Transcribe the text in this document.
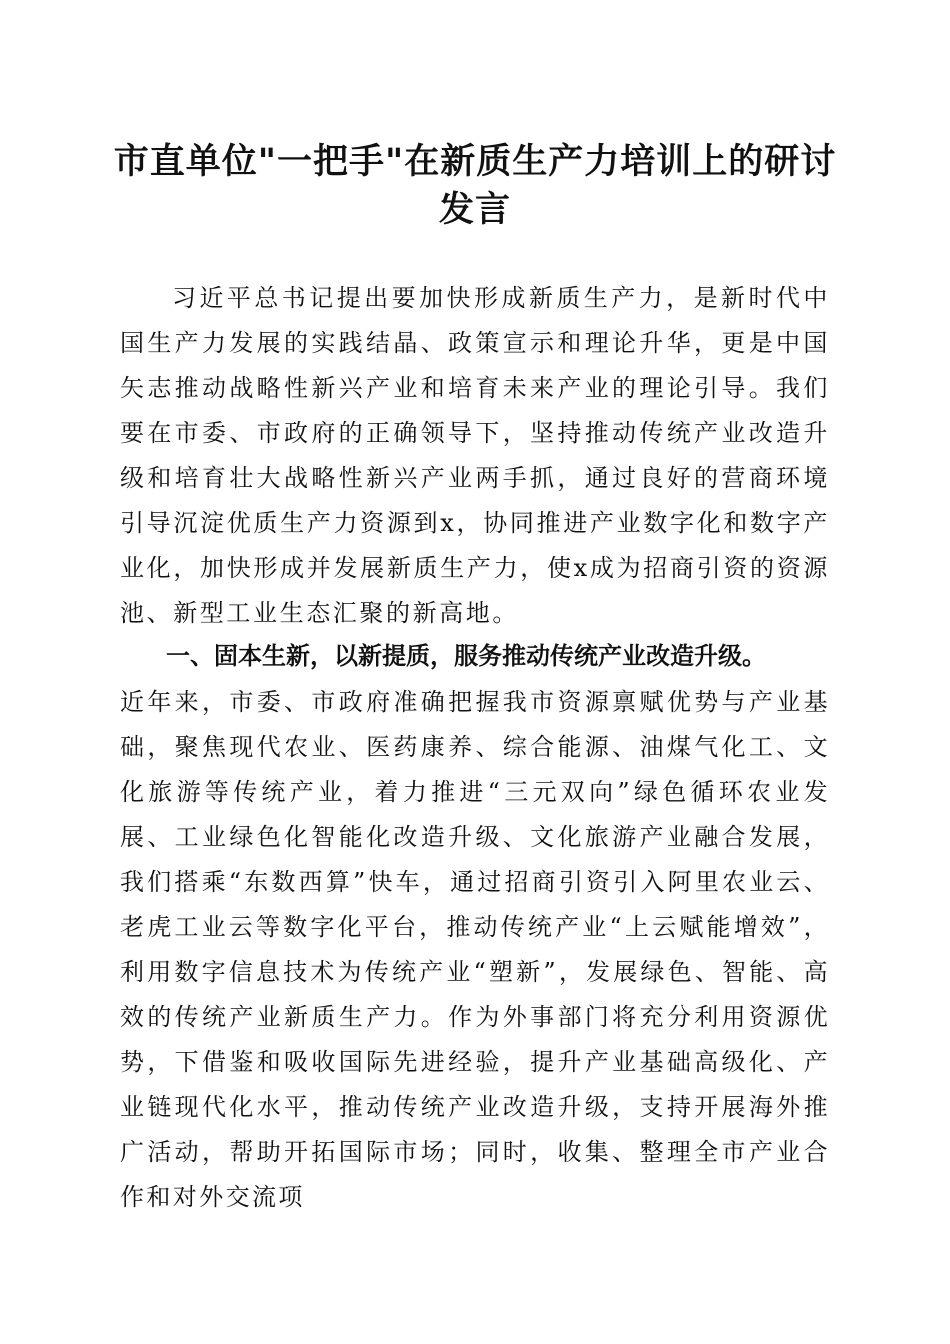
市直单位"一把手"在新质生产力培训上的研讨发言

习近平总书记提出要加快形成新质生产力，是新时代中国生产力发展的实践结晶、政策宣示和理论升华，更是中国矢志推动战略性新兴产业和培育未来产业的理论引导。我们要在市委、市政府的正确领导下，坚持推动传统产业改造升级和培育壮大战略性新兴产业两手抓，通过良好的营商环境引导沉淀优质生产力资源到x，协同推进产业数字化和数字产业化，加快形成并发展新质生产力，使x成为招商引资的资源池、新型工业生态汇聚的新高地。

一、固本生新，以新提质，服务推动传统产业改造升级。

近年来，市委、市政府准确把握我市资源禀赋优势与产业基础，聚焦现代农业、医药康养、综合能源、油煤气化工、文化旅游等传统产业，着力推进“三元双向”绿色循环农业发展、工业绿色化智能化改造升级、文化旅游产业融合发展，我们搭乘“东数西算”快车，通过招商引资引入阿里农业云、老虎工业云等数字化平台，推动传统产业“上云赋能增效”，利用数字信息技术为传统产业“塑新”，发展绿色、智能、高效的传统产业新质生产力。作为外事部门将充分利用资源优势，下借鉴和吸收国际先进经验，提升产业基础高级化、产业链现代化水平，推动传统产业改造升级，支持开展海外推广活动，帮助开拓国际市场；同时，收集、整理全市产业合作和对外交流项
